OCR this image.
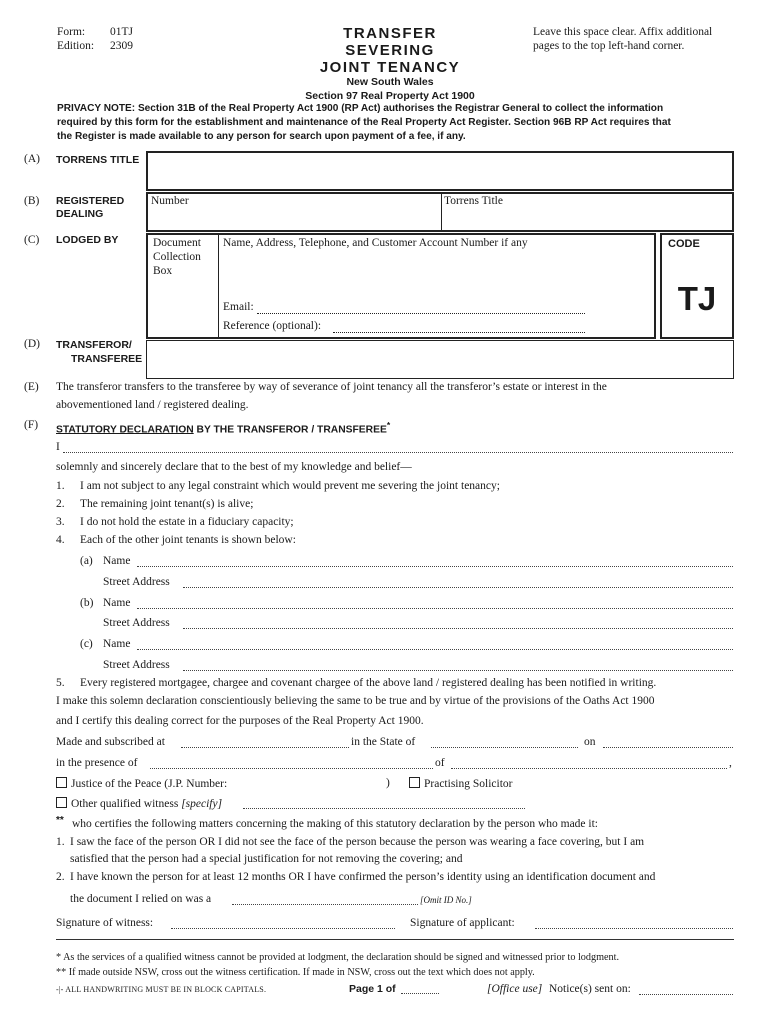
Form: 01TJ
Edition: 2309
TRANSFER
SEVERING
JOINT TENANCY
New South Wales
Section 97 Real Property Act 1900
Leave this space clear. Affix additional
pages to the top left-hand corner.
PRIVACY NOTE: Section 31B of the Real Property Act 1900 (RP Act) authorises the Registrar General to collect the information
required by this form for the establishment and maintenance of the Real Property Act Register. Section 96B RP Act requires that
the Register is made available to any person for search upon payment of a fee, if any.
(A) TORRENS TITLE
(B) REGISTERED
DEALING
Number	Torrens Title
(C) LODGED BY	Document
Collection
Box
Name, Address, Telephone, and Customer Account Number if any
Email:
Reference (optional):
CODE
TJ
(D) TRANSFEROR/
TRANSFEREE
(E) The transferor transfers to the transferee by way of severance of joint tenancy all the transferor’s estate or interest in the
abovementioned land / registered dealing.
(F) STATUTORY DECLARATION BY THE TRANSFEROR / TRANSFEREE*
I
solemnly and sincerely declare that to the best of my knowledge and belief—
1. I am not subject to any legal constraint which would prevent me severing the joint tenancy;
2. The remaining joint tenant(s) is alive;
3. I do not hold the estate in a fiduciary capacity;
4. Each of the other joint tenants is shown below:
(a) Name
Street Address
(b) Name
Street Address
(c) Name
Street Address
5. Every registered mortgagee, chargee and covenant chargee of the above land / registered dealing has been notified in writing.
I make this solemn declaration conscientiously believing the same to be true and by virtue of the provisions of the Oaths Act 1900
and I certify this dealing correct for the purposes of the Real Property Act 1900.
Made and subscribed at	in the State of	on
in the presence of	of	,
Justice of the Peace (J.P. Number:	)	Practising Solicitor
Other qualified witness [specify]
** who certifies the following matters concerning the making of this statutory declaration by the person who made it:
1. I saw the face of the person OR I did not see the face of the person because the person was wearing a face covering, but I am
satisfied that the person had a special justification for not removing the covering; and
2. I have known the person for at least 12 months OR I have confirmed the person’s identity using an identification document and
the document I relied on was a	[Omit ID No.]
Signature of witness:	Signature of applicant:
* As the services of a qualified witness cannot be provided at lodgment, the declaration should be signed and witnessed prior to lodgment.
** If made outside NSW, cross out the witness certification. If made in NSW, cross out the text which does not apply.
-|- ALL HANDWRITING MUST BE IN BLOCK CAPITALS.	Page 1 of	[Office use] Notice(s) sent on:
